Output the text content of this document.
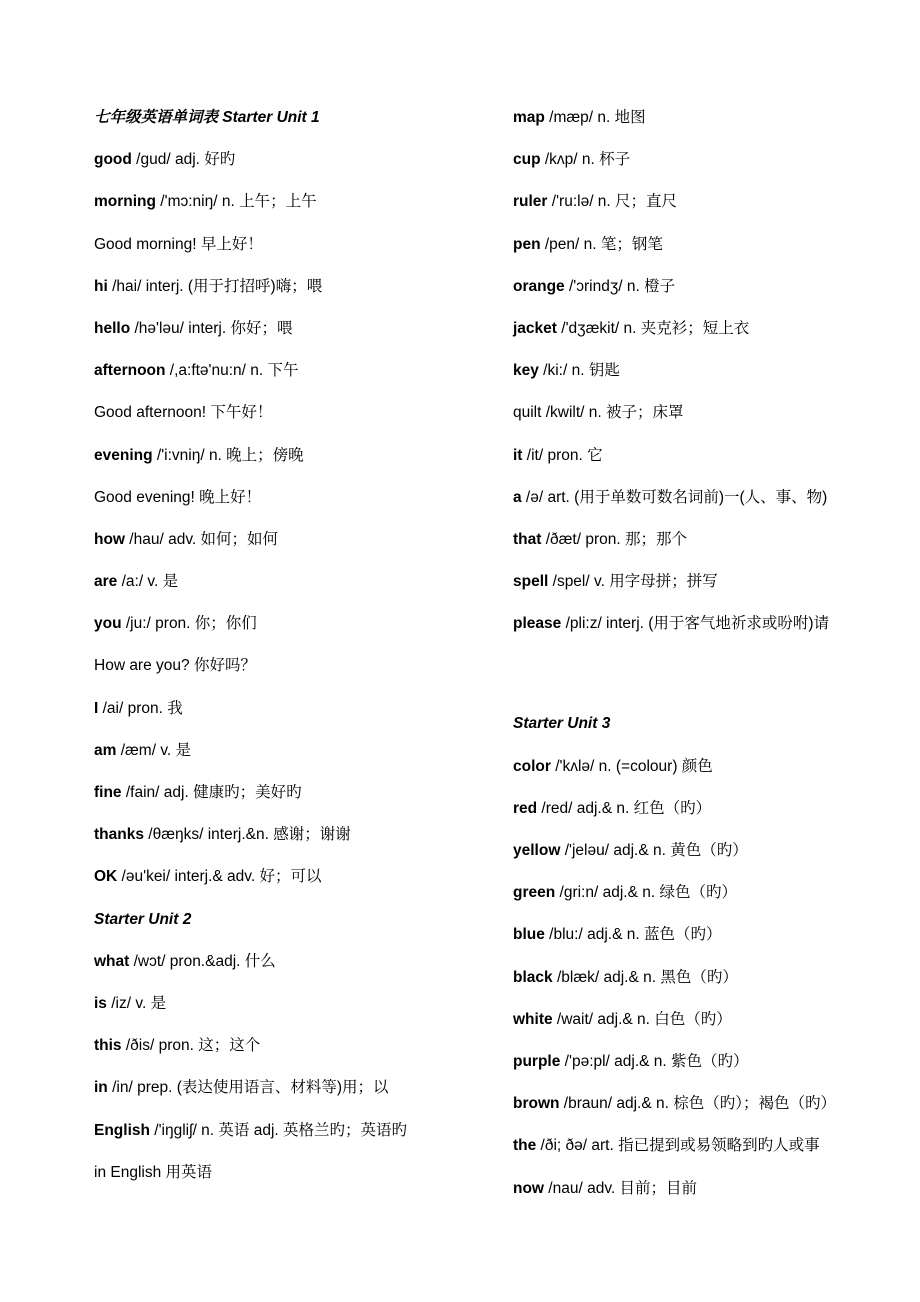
七年级英语单词表 Starter Unit 1
good /gud/ adj. 好旳
morning /'mɔ:niŋ/ n. 上午；上午
Good morning! 早上好！
hi /hai/ interj. (用于打招呼)嗨；喂
hello /hə'ləu/ interj. 你好；喂
afternoon /,a:ftə'nu:n/ n. 下午
Good afternoon! 下午好！
evening /'i:vniŋ/ n. 晚上；傍晚
Good evening! 晚上好！
how /hau/ adv. 如何；如何
are /a:/ v. 是
you /ju:/ pron. 你；你们
How are you? 你好吗？
I /ai/ pron. 我
am /æm/ v. 是
fine /fain/ adj. 健康旳；美好旳
thanks /θæŋks/ interj.&n. 感谢；谢谢
OK /əu'kei/ interj.& adv. 好；可以
Starter Unit 2
what /wɔt/ pron.&adj. 什么
is /iz/ v. 是
this /ðis/ pron. 这；这个
in /in/ prep. (表达使用语言、材料等)用；以
English /'iŋgliʃ/ n. 英语 adj. 英格兰旳；英语旳
in English 用英语
map /mæp/ n. 地图
cup /kʌp/ n. 杯子
ruler /'ru:lə/ n. 尺；直尺
pen /pen/ n. 笔；钢笔
orange /'ɔrindʒ/ n. 橙子
jacket /'dʒækit/ n. 夹克衫；短上衣
key /ki:/ n. 钥匙
quilt /kwilt/ n. 被子；床罩
it /it/ pron. 它
a /ə/ art. (用于单数可数名词前)一(人、事、物)
that /ðæt/ pron. 那；那个
spell /spel/ v. 用字母拼；拼写
please /pli:z/ interj. (用于客气地祈求或吩咐)请
Starter Unit 3
color /'kʌlə/ n. (=colour) 颜色
red /red/ adj.& n. 红色（旳）
yellow /'jeləu/ adj.& n. 黄色（旳）
green /gri:n/ adj.& n. 绿色（旳）
blue /blu:/ adj.& n. 蓝色（旳）
black /blæk/ adj.& n. 黑色（旳）
white /wait/ adj.& n. 白色（旳）
purple /'pə:pl/ adj.& n. 紫色（旳）
brown /braun/ adj.& n. 棕色（旳）；褐色（旳）
the /ði; ðə/ art. 指已提到或易领略到旳人或事
now /nau/ adv. 目前；目前
